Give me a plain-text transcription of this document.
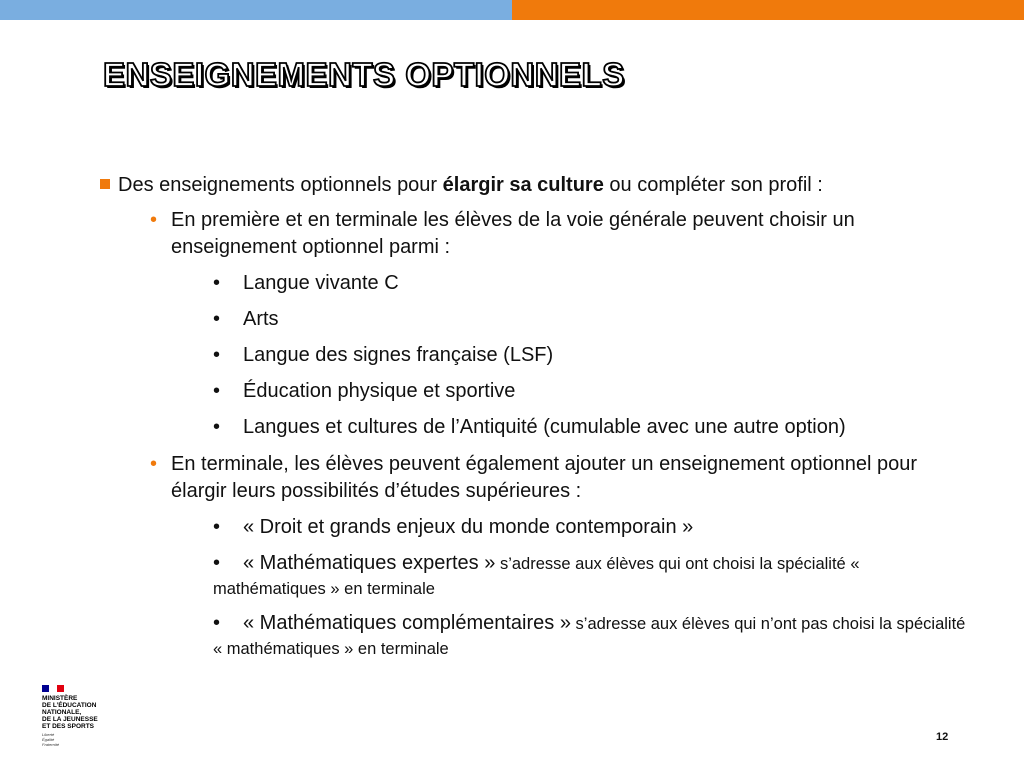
ENSEIGNEMENTS OPTIONNELS
Des enseignements optionnels pour élargir sa culture ou compléter son profil :
• En première et en terminale les élèves de la voie générale peuvent choisir un enseignement optionnel parmi :
• Langue vivante C
• Arts
• Langue des signes française (LSF)
• Éducation physique et sportive
• Langues et cultures de l’Antiquité (cumulable avec une autre option)
• En terminale, les élèves peuvent également ajouter un enseignement optionnel pour élargir leurs possibilités d’études supérieures :
• « Droit et grands enjeux du monde contemporain »
• « Mathématiques expertes » s’adresse aux élèves qui ont choisi la spécialité « mathématiques » en terminale
• « Mathématiques complémentaires » s’adresse aux élèves qui n’ont pas choisi la spécialité « mathématiques » en terminale
MINISTÈRE
DE L’ÉDUCATION
NATIONALE,
DE LA JEUNESSE
ET DES SPORTS
Liberté
Égalité
Fraternité
12
